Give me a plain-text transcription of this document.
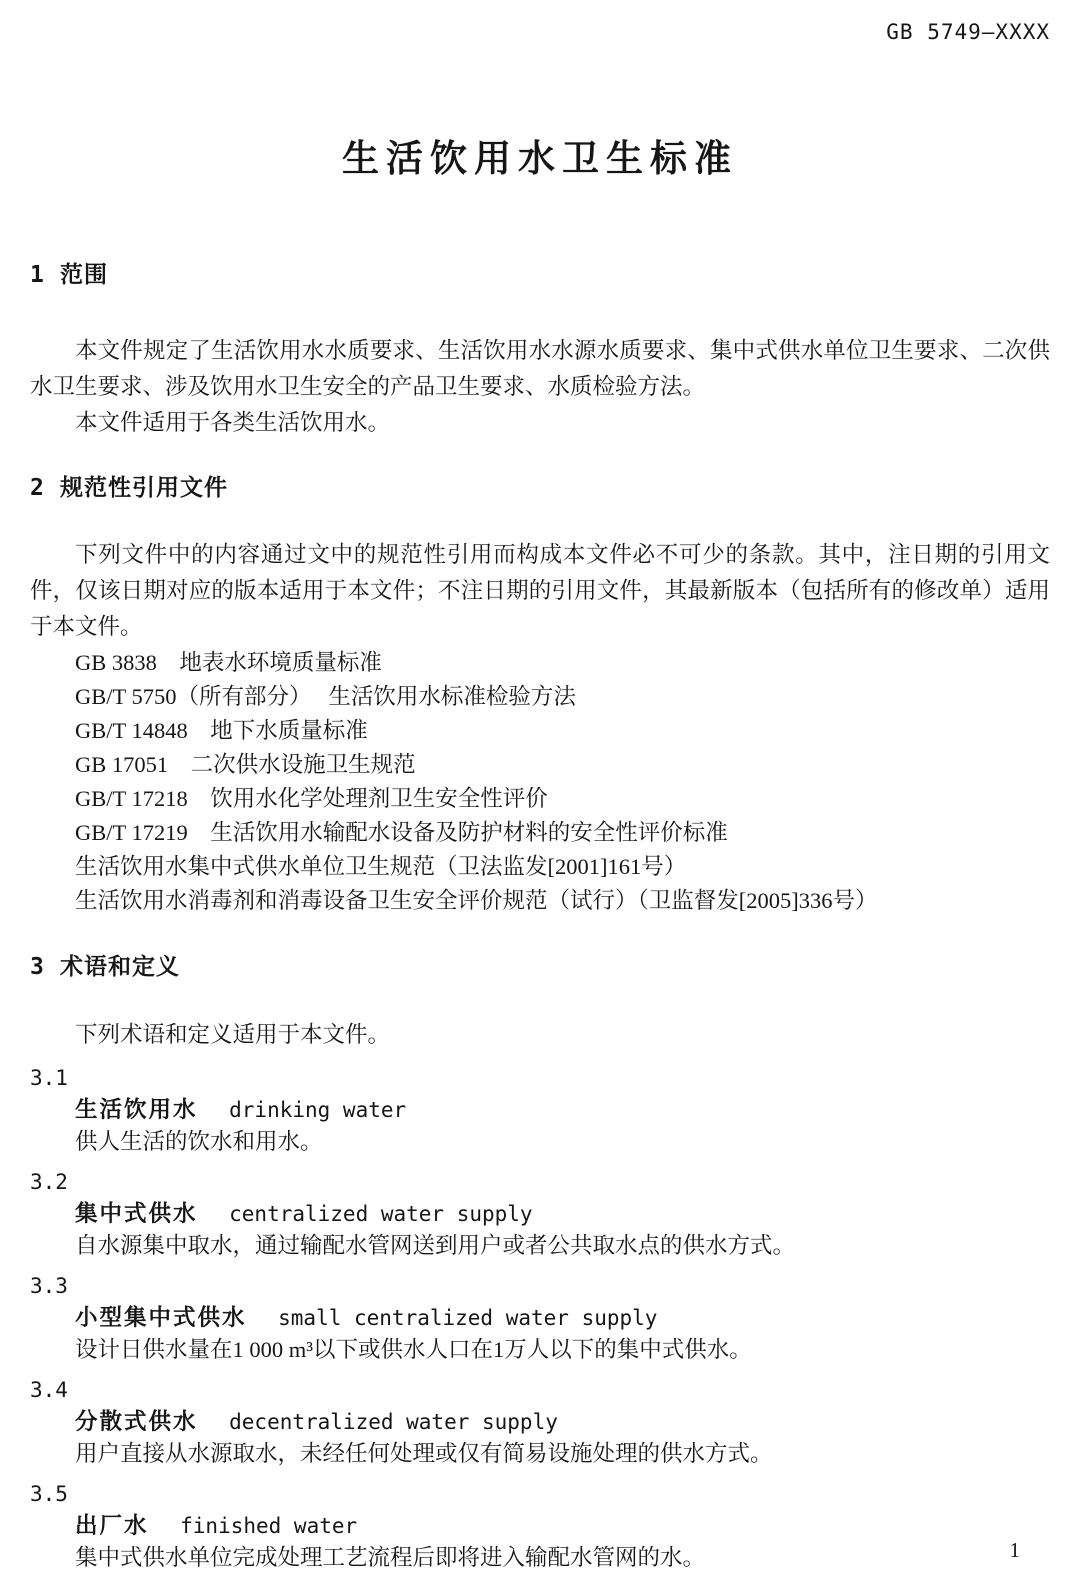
GB 5749—XXXX
生活饮用水卫生标准
1 范围
本文件规定了生活饮用水水质要求、生活饮用水水源水质要求、集中式供水单位卫生要求、二次供水卫生要求、涉及饮用水卫生安全的产品卫生要求、水质检验方法。
本文件适用于各类生活饮用水。
2 规范性引用文件
下列文件中的内容通过文中的规范性引用而构成本文件必不可少的条款。其中，注日期的引用文件，仅该日期对应的版本适用于本文件；不注日期的引用文件，其最新版本（包括所有的修改单）适用于本文件。
GB 3838　地表水环境质量标准
GB/T 5750（所有部分）　 生活饮用水标准检验方法
GB/T 14848　地下水质量标准
GB 17051　二次供水设施卫生规范
GB/T 17218　饮用水化学处理剂卫生安全性评价
GB/T 17219　生活饮用水输配水设备及防护材料的安全性评价标准
生活饮用水集中式供水单位卫生规范（卫法监发[2001]161号）
生活饮用水消毒剂和消毒设备卫生安全评价规范（试行）（卫监督发[2005]336号）
3 术语和定义
下列术语和定义适用于本文件。
3.1
生活饮用水 drinking water
供人生活的饮水和用水。
3.2
集中式供水 centralized water supply
自水源集中取水，通过输配水管网送到用户或者公共取水点的供水方式。
3.3
小型集中式供水 small centralized water supply
设计日供水量在1 000 m³以下或供水人口在1万人以下的集中式供水。
3.4
分散式供水 decentralized water supply
用户直接从水源取水，未经任何处理或仅有简易设施处理的供水方式。
3.5
出厂水 finished water
集中式供水单位完成处理工艺流程后即将进入输配水管网的水。	1
